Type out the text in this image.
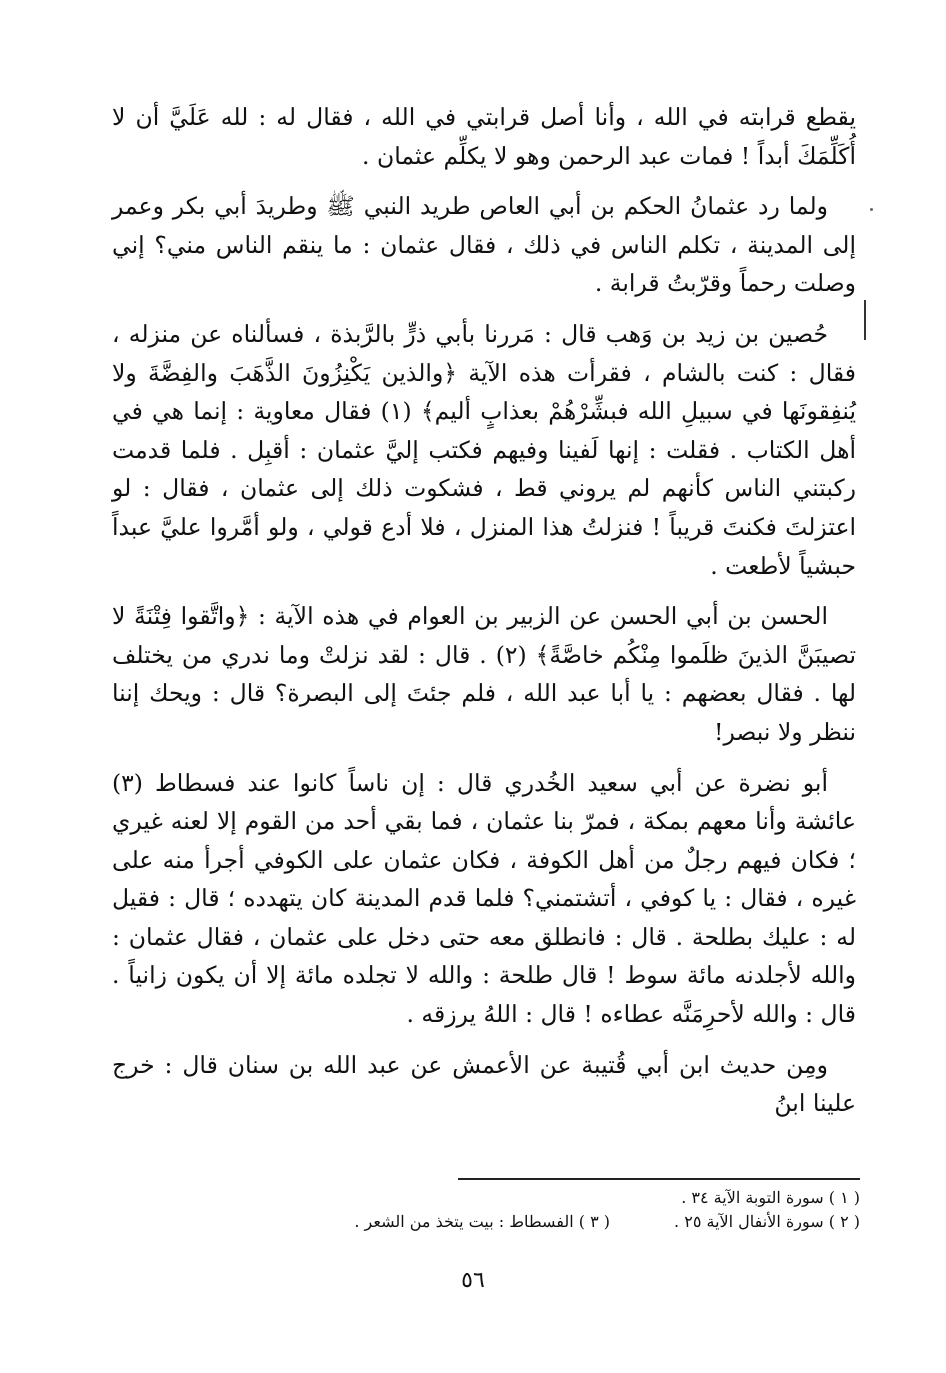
يقطع قرابته في الله ، وأنا أصل قرابتي في الله ، فقال له : لله عَلَيَّ أن لا أُكَلِّمَكَ أبداً ! فمات عبد الرحمن وهو لا يكلِّم عثمان .

ولما رد عثمانُ الحكم بن أبي العاص طريد النبي ﷺ وطريدَ أبي بكر وعمر إلى المدينة ، تكلم الناس في ذلك ، فقال عثمان : ما ينقم الناس مني؟ إني وصلت رحماً وقرّبتُ قرابة .

حُصين بن زيد بن وَهب قال : مَررنا بأبي ذرٍّ بالرَّبذة ، فسألناه عن منزله ، فقال : كنت بالشام ، فقرأت هذه الآية ﴿والذين يَكْنِزُونَ الذَّهَبَ والفِضَّةَ ولا يُنفِقونَها في سبيلِ الله فبشِّرْهُمْ بعذابٍ أليم﴾ (١) فقال معاوية : إنما هي في أهل الكتاب . فقلت : إنها لَفينا وفيهم فكتب إليَّ عثمان : أقبِل . فلما قدمت ركبتني الناس كأنهم لم يروني قط ، فشكوت ذلك إلى عثمان ، فقال : لو اعتزلتَ فكنتَ قريباً ! فنزلتُ هذا المنزل ، فلا أدع قولي ، ولو أمَّروا عليَّ عبداً حبشياً لأطعت .

الحسن بن أبي الحسن عن الزبير بن العوام في هذه الآية : ﴿واتَّقوا فِتْنَةً لا تصيبَنَّ الذينَ ظلَموا مِنْكُم خاصَّةً﴾ (٢) . قال : لقد نزلتْ وما ندري من يختلف لها . فقال بعضهم : يا أبا عبد الله ، فلم جئتَ إلى البصرة؟ قال : ويحك إننا ننظر ولا نبصر!

أبو نضرة عن أبي سعيد الخُدري قال : إن ناساً كانوا عند فسطاط (٣) عائشة وأنا معهم بمكة ، فمرّ بنا عثمان ، فما بقي أحد من القوم إلا لعنه غيري ؛ فكان فيهم رجلٌ من أهل الكوفة ، فكان عثمان على الكوفي أجرأ منه على غيره ، فقال : يا كوفي ، أتشتمني؟ فلما قدم المدينة كان يتهدده ؛ قال : فقيل له : عليك بطلحة . قال : فانطلق معه حتى دخل على عثمان ، فقال عثمان : والله لأجلدنه مائة سوط ! قال طلحة : والله لا تجلده مائة إلا أن يكون زانياً . قال : والله لأحرِمَنَّه عطاءه ! قال : اللهُ يرزقه .

ومِن حديث ابن أبي قُتيبة عن الأعمش عن عبد الله بن سنان قال : خرج علينا ابنُ

( ١ ) سورة التوبة الآية ٣٤ .
( ٢ ) سورة الأنفال الآية ٢٥ .
( ٣ ) الفسطاط : بيت يتخذ من الشعر .
٥٦
